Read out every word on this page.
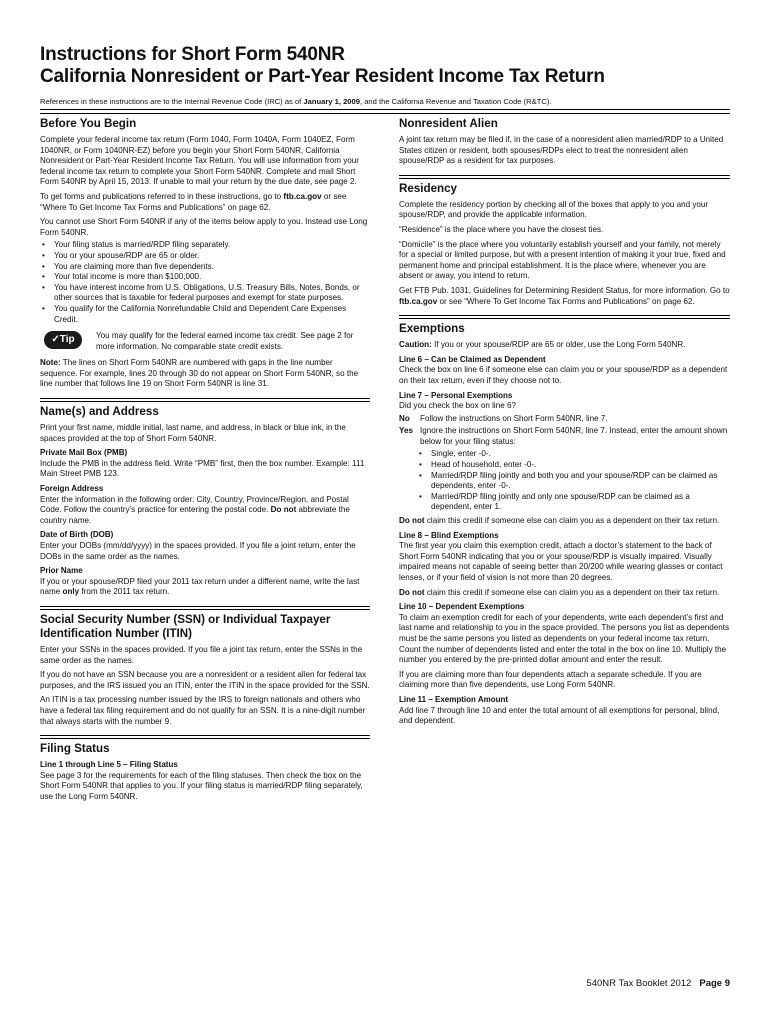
Instructions for Short Form 540NR
California Nonresident or Part-Year Resident Income Tax Return
References in these instructions are to the Internal Revenue Code (IRC) as of January 1, 2009, and the California Revenue and Taxation Code (R&TC).
Before You Begin

Complete your federal income tax return (Form 1040, Form 1040A, Form 1040EZ, Form 1040NR, or Form 1040NR-EZ) before you begin your Short Form 540NR, California Nonresident or Part-Year Resident Income Tax Return. You will use information from your federal income tax return to complete your Short Form 540NR. Complete and mail Short Form 540NR by April 15, 2013. If unable to mail your return by the due date, see page 2.

To get forms and publications referred to in these instructions, go to ftb.ca.gov or see “Where To Get Income Tax Forms and Publications” on page 62.

You cannot use Short Form 540NR if any of the items below apply to you. Instead use Long Form 540NR.

• Your filing status is married/RDP filing separately.
• You or your spouse/RDP are 65 or older.
• You are claiming more than five dependents.
• Your total income is more than $100,000.
• You have interest income from U.S. Obligations, U.S. Treasury Bills, Notes, Bonds, or other sources that is taxable for federal purposes and exempt for state purposes.
• You qualify for the California Nonrefundable Child and Dependent Care Expenses Credit.
✓Tip	You may qualify for the federal earned income tax credit. See page 2 for more information. No comparable state credit exists.

Note: The lines on Short Form 540NR are numbered with gaps in the line number sequence. For example, lines 20 through 30 do not appear on Short Form 540NR, so the line number that follows line 19 on Short Form 540NR is line 31.

Name(s) and Address

Print your first name, middle initial, last name, and address, in black or blue ink, in the spaces provided at the top of Short Form 540NR.

Private Mail Box (PMB)

Include the PMB in the address field. Write “PMB” first, then the box number. Example: 111 Main Street PMB 123.

Foreign Address

Enter the information in the following order: City, Country, Province/Region, and Postal Code. Follow the country’s practice for entering the postal code. Do not abbreviate the country name.

Date of Birth (DOB)

Enter your DOBs (mm/dd/yyyy) in the spaces provided. If you file a joint return, enter the DOBs in the same order as the names.

Prior Name

If you or your spouse/RDP filed your 2011 tax return under a different name, write the last name only from the 2011 tax return.

Social Security Number (SSN) or Individual Taxpayer Identification Number (ITIN)

Enter your SSNs in the spaces provided. If you file a joint tax return, enter the SSNs in the same order as the names.

If you do not have an SSN because you are a nonresident or a resident alien for federal tax purposes, and the IRS issued you an ITIN, enter the ITIN in the space provided for the SSN.

An ITIN is a tax processing number issued by the IRS to foreign nationals and others who have a federal tax filing requirement and do not qualify for an SSN. It is a nine-digit number that always starts with the number 9.

Filing Status
Line 1 through Line 5 – Filing Status

See page 3 for the requirements for each of the filing statuses. Then check the box on the Short Form 540NR that applies to you. If your filing status is married/RDP filing separately, use the Long Form 540NR.

Nonresident Alien

A joint tax return may be filed if, in the case of a nonresident alien married/RDP to a United States citizen or resident, both spouses/RDPs elect to treat the nonresident alien spouse/RDP as a resident for tax purposes.

Residency

Complete the residency portion by checking all of the boxes that apply to you and your spouse/RDP, and provide the applicable information.

“Residence” is the place where you have the closest ties.

“Domicile” is the place where you voluntarily establish yourself and your family, not merely for a special or limited purpose, but with a present intention of making it your true, fixed and permanent home and principal establishment. It is the place where, whenever you are absent or away, you intend to return.

Get FTB Pub. 1031, Guidelines for Determining Resident Status, for more information. Go to ftb.ca.gov or see “Where To Get Income Tax Forms and Publications” on page 62.

Exemptions

Caution: If you or your spouse/RDP are 65 or older, use the Long Form 540NR.

Line 6 – Can be Claimed as Dependent

Check the box on line 6 if someone else can claim you or your spouse/RDP as a dependent on their tax return, even if they choose not to.

Line 7 – Personal Exemptions

Did you check the box on line 6?

No	Follow the instructions on Short Form 540NR, line 7.
Yes Ignore the instructions on Short Form 540NR, line 7. Instead, enter the amount shown below for your filing status:
• Single, enter -0-.
• Head of household, enter -0-.
• Married/RDP filing jointly and both you and your spouse/RDP can be claimed as dependents, enter -0-.
• Married/RDP filing jointly and only one spouse/RDP can be claimed as a dependent, enter 1.

Do not claim this credit if someone else can claim you as a dependent on their tax return.

Line 8 – Blind Exemptions

The first year you claim this exemption credit, attach a doctor’s statement to the back of Short Form 540NR indicating that you or your spouse/RDP is visually impaired. Visually impaired means not capable of seeing better than 20/200 while wearing glasses or contact lenses, or if your field of vision is not more than 20 degrees.

Do not claim this credit if someone else can claim you as a dependent on their tax return.

Line 10 – Dependent Exemptions

To claim an exemption credit for each of your dependents, write each dependent’s first and last name and relationship to you in the space provided. The persons you list as dependents must be the same persons you listed as dependents on your federal income tax return. Count the number of dependents listed and enter the total in the box on line 10. Multiply the number you entered by the pre-printed dollar amount and enter the result.

If you are claiming more than four dependents attach a separate schedule. If you are claiming more than five dependents, use Long Form 540NR.

Line 11 – Exemption Amount

Add line 7 through line 10 and enter the total amount of all exemptions for personal, blind, and dependent.

540NR Tax Booklet 2012 Page 9
